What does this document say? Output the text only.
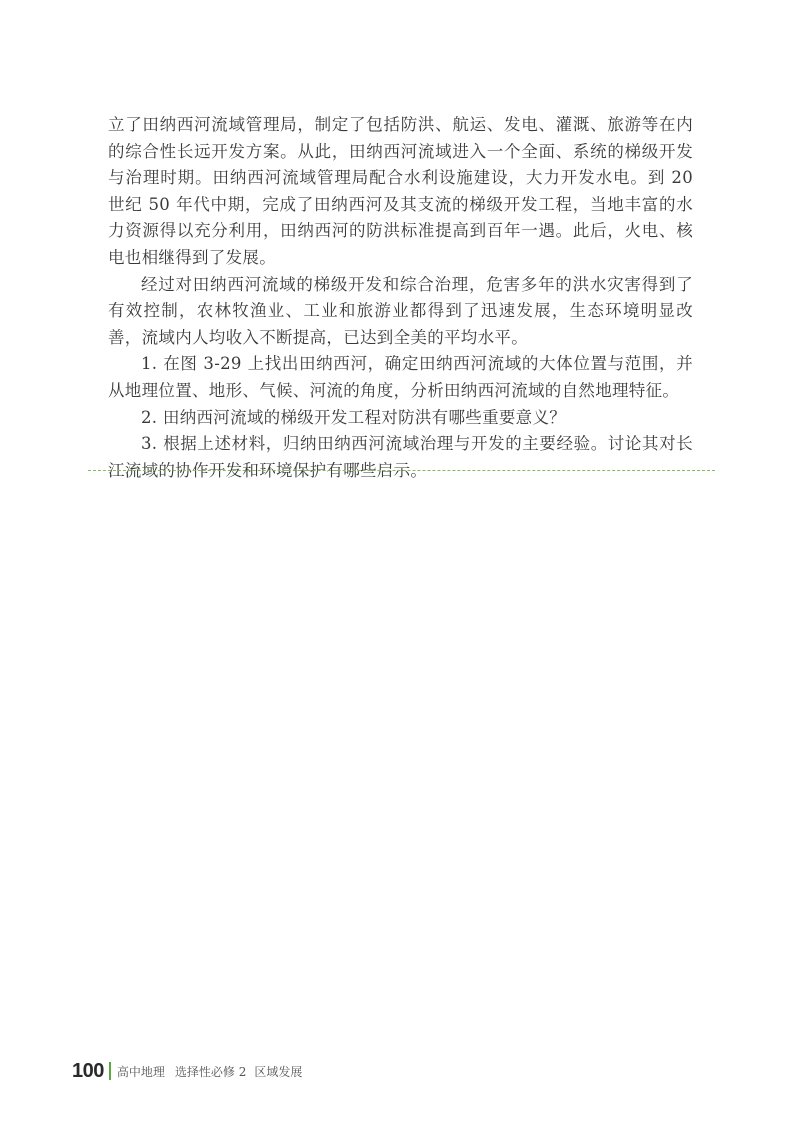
立了田纳西河流域管理局，制定了包括防洪、航运、发电、灌溉、旅游等在内的综合性长远开发方案。从此，田纳西河流域进入一个全面、系统的梯级开发与治理时期。田纳西河流域管理局配合水利设施建设，大力开发水电。到 20 世纪 50 年代中期，完成了田纳西河及其支流的梯级开发工程，当地丰富的水力资源得以充分利用，田纳西河的防洪标准提高到百年一遇。此后，火电、核电也相继得到了发展。

经过对田纳西河流域的梯级开发和综合治理，危害多年的洪水灾害得到了有效控制，农林牧渔业、工业和旅游业都得到了迅速发展，生态环境明显改善，流域内人均收入不断提高，已达到全美的平均水平。

1. 在图 3-29 上找出田纳西河，确定田纳西河流域的大体位置与范围，并从地理位置、地形、气候、河流的角度，分析田纳西河流域的自然地理特征。

2. 田纳西河流域的梯级开发工程对防洪有哪些重要意义？

3. 根据上述材料，归纳田纳西河流域治理与开发的主要经验。讨论其对长江流域的协作开发和环境保护有哪些启示。

100 高中地理 选择性必修 2 区域发展
